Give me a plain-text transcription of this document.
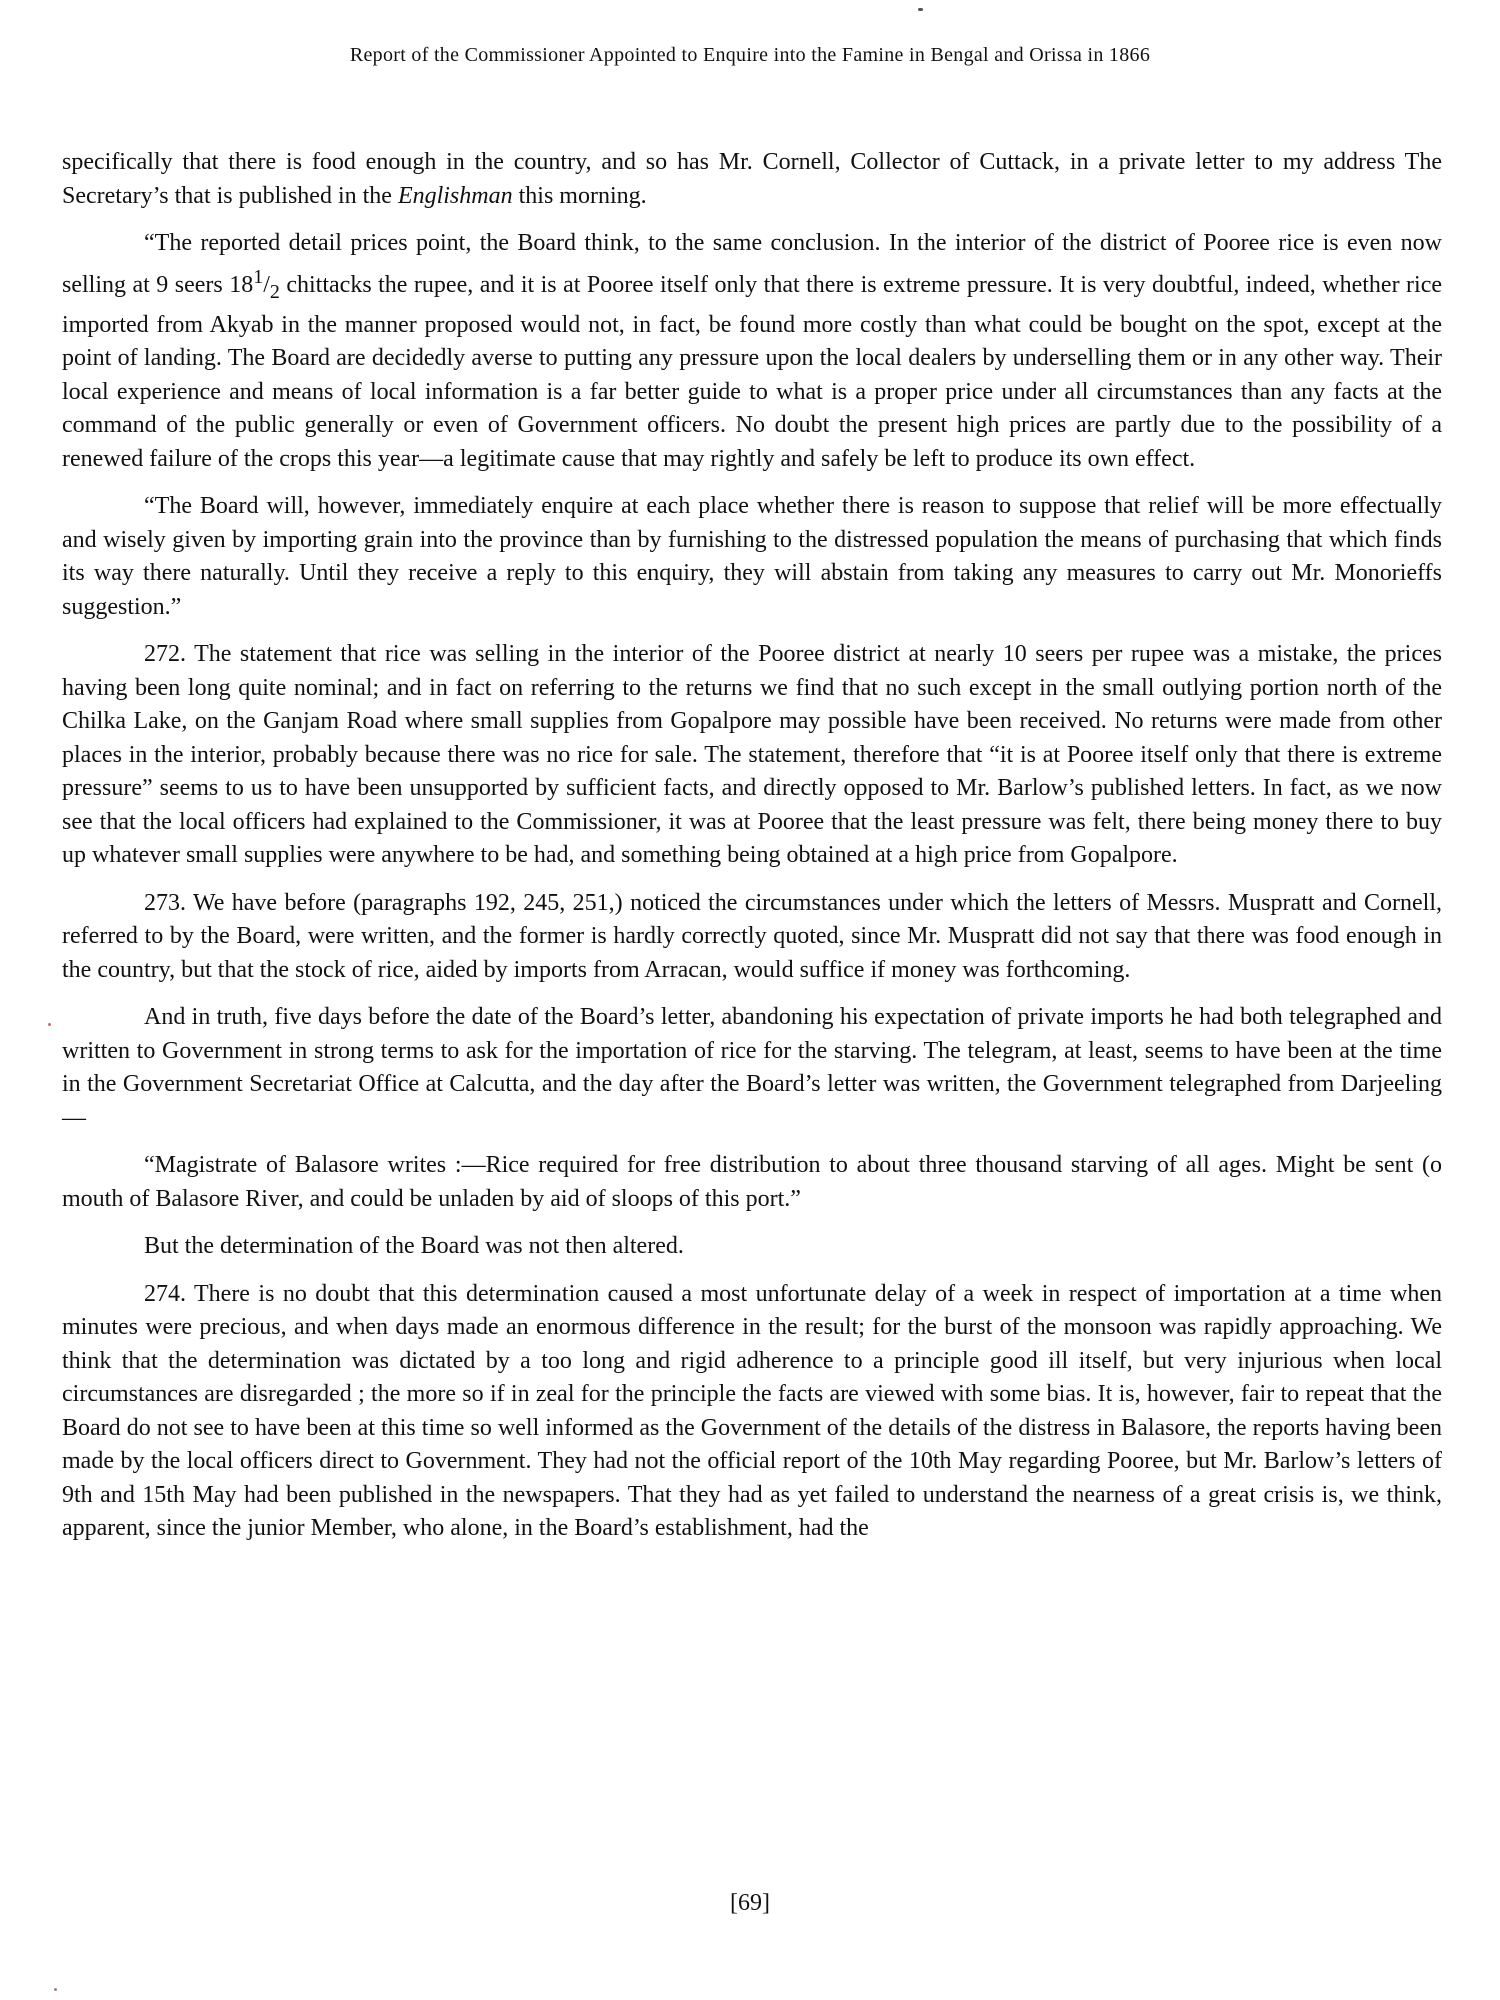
Report of the Commissioner Appointed to Enquire into the Famine in Bengal and Orissa in 1866

specifically that there is food enough in the country, and so has Mr. Cornell, Collector of Cuttack, in a private letter to my address The Secretary’s that is published in the Englishman this morning.

“The reported detail prices point, the Board think, to the same conclusion. In the interior of the district of Pooree rice is even now selling at 9 seers $18^1/_2$ chittacks the rupee, and it is at Pooree itself only that there is extreme pressure. It is very doubtful, indeed, whether rice imported from Akyab in the manner proposed would not, in fact, be found more costly than what could be bought on the spot, except at the point of landing. The Board are decidedly averse to putting any pressure upon the local dealers by underselling them or in any other way. Their local experience and means of local information is a far better guide to what is a proper price under all circumstances than any facts at the command of the public generally or even of Government officers. No doubt the present high prices are partly due to the possibility of a renewed failure of the crops this year—a legitimate cause that may rightly and safely be left to produce its own effect.

“The Board will, however, immediately enquire at each place whether there is reason to suppose that relief will be more effectually and wisely given by importing grain into the province than by furnishing to the distressed population the means of purchasing that which finds its way there naturally. Until they receive a reply to this enquiry, they will abstain from taking any measures to carry out Mr. Monorieffs suggestion.”

272. The statement that rice was selling in the interior of the Pooree district at nearly 10 seers per rupee was a mistake, the prices having been long quite nominal; and in fact on referring to the returns we find that no such except in the small outlying portion north of the Chilka Lake, on the Ganjam Road where small supplies from Gopalpore may possible have been received. No returns were made from other places in the interior, probably because there was no rice for sale. The statement, therefore that “it is at Pooree itself only that there is extreme pressure” seems to us to have been unsupported by sufficient facts, and directly opposed to Mr. Barlow’s published letters. In fact, as we now see that the local officers had explained to the Commissioner, it was at Pooree that the least pressure was felt, there being money there to buy up whatever small supplies were anywhere to be had, and something being obtained at a high price from Gopalpore.

273. We have before (paragraphs 192, 245, 251,) noticed the circumstances under which the letters of Messrs. Muspratt and Cornell, referred to by the Board, were written, and the former is hardly correctly quoted, since Mr. Muspratt did not say that there was food enough in the country, but that the stock of rice, aided by imports from Arracan, would suffice if money was forthcoming.

And in truth, five days before the date of the Board’s letter, abandoning his expectation of private imports he had both telegraphed and written to Government in strong terms to ask for the importation of rice for the starving. The telegram, at least, seems to have been at the time in the Government Secretariat Office at Calcutta, and the day after the Board’s letter was written, the Government telegraphed from Darjeeling—

“Magistrate of Balasore writes :—Rice required for free distribution to about three thousand starving of all ages. Might be sent (o mouth of Balasore River, and could be unladen by aid of sloops of this port.”

But the determination of the Board was not then altered.

274. There is no doubt that this determination caused a most unfortunate delay of a week in respect of importation at a time when minutes were precious, and when days made an enormous difference in the result; for the burst of the monsoon was rapidly approaching. We think that the determination was dictated by a too long and rigid adherence to a principle good ill itself, but very injurious when local circumstances are disregarded ; the more so if in zeal for the principle the facts are viewed with some bias. It is, however, fair to repeat that the Board do not see to have been at this time so well informed as the Government of the details of the distress in Balasore, the reports having been made by the local officers direct to Government. They had not the official report of the 10th May regarding Pooree, but Mr. Barlow’s letters of 9th and 15th May had been published in the newspapers. That they had as yet failed to understand the nearness of a great crisis is, we think, apparent, since the junior Member, who alone, in the Board’s establishment, had the

[69]
